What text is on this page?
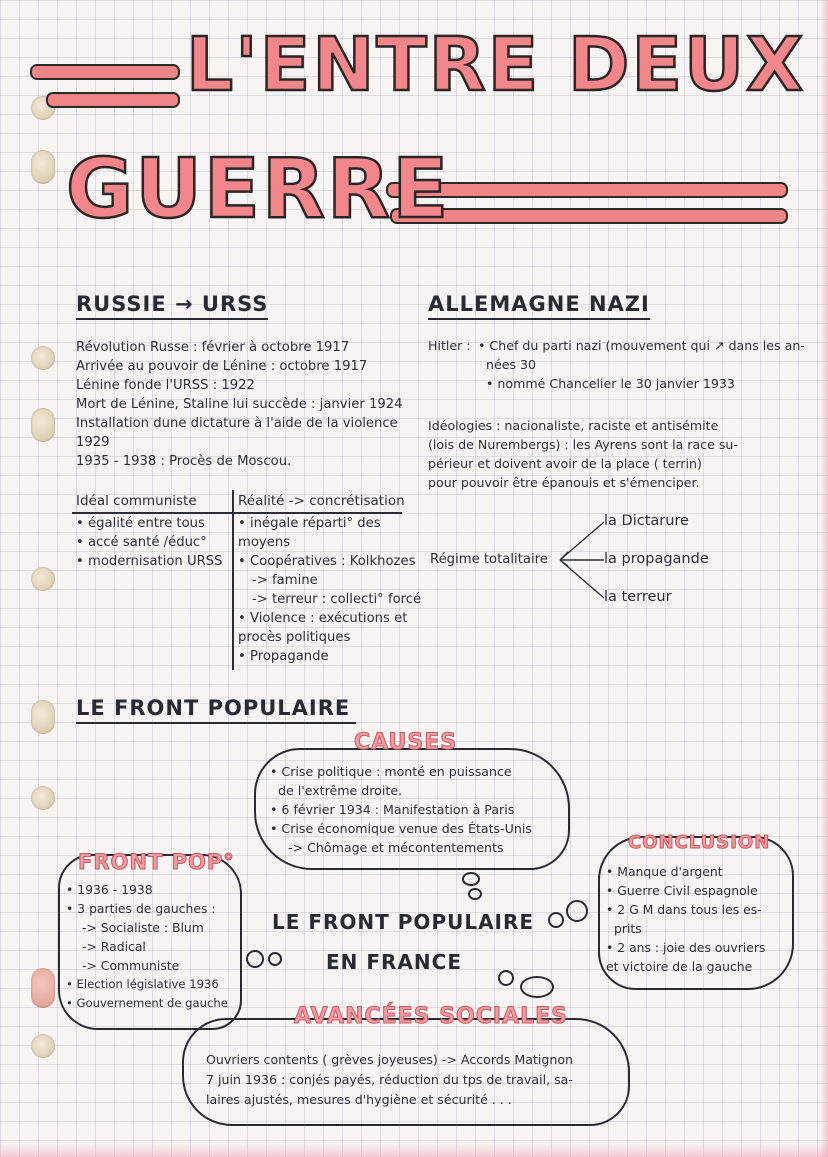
L'ENTRE DEUX
GUERRE
RUSSIE → URSS
Révolution Russe : février à octobre 1917
Arrivée au pouvoir de Lénine : octobre 1917
Lénine fonde l'URSS : 1922
Mort de Lénine, Staline lui succède : janvier 1924
Installation dune dictature à l'aide de la violence
1929
1935 - 1938 : Procès de Moscou.
Idéal communiste	Réalité -> concrétisation
• égalité entre tous
• accé santé /éduc°
• modernisation URSS
• inégale réparti° des
moyens
• Coopératives : Kolkhozes
-> famine
-> terreur : collecti° forcé
• Violence : exécutions et
procès politiques
• Propagande
ALLEMAGNE NAZI
Hitler : • Chef du parti nazi (mouvement qui ↗ dans les an-
nées 30
• nommé Chancelier le 30 janvier 1933
Idéologies : nacionaliste, raciste et antisémite
(lois de Nurembergs) : les Ayrens sont la race su-
périeur et doivent avoir de la place ( terrin)
pour pouvoir être épanouis et s'émenciper.
Régime totalitaire
la Dictarure
la propagande
la terreur
LE FRONT POPULAIRE
CAUSES
• Crise politique : monté en puissance
de l'extrême droite.
• 6 février 1934 : Manifestation à Paris
• Crise économique venue des États-Unis
-> Chômage et mécontentements
FRONT POP°
• 1936 - 1938
• 3 parties de gauches :
-> Socialiste : Blum
-> Radical
-> Communiste
• Election législative 1936
• Gouvernement de gauche
LE FRONT POPULAIRE
EN FRANCE
CONCLUSION
• Manque d'argent
• Guerre Civil espagnole
• 2 G M dans tous les es-
prits
• 2 ans : joie des ouvriers
et victoire de la gauche
AVANCÉES SOCIALES
Ouvriers contents ( grèves joyeuses) -> Accords Matignon
7 juin 1936 : conjés payés, réduction du tps de travail, sa-
laires ajustés, mesures d'hygiène et sécurité . . .
